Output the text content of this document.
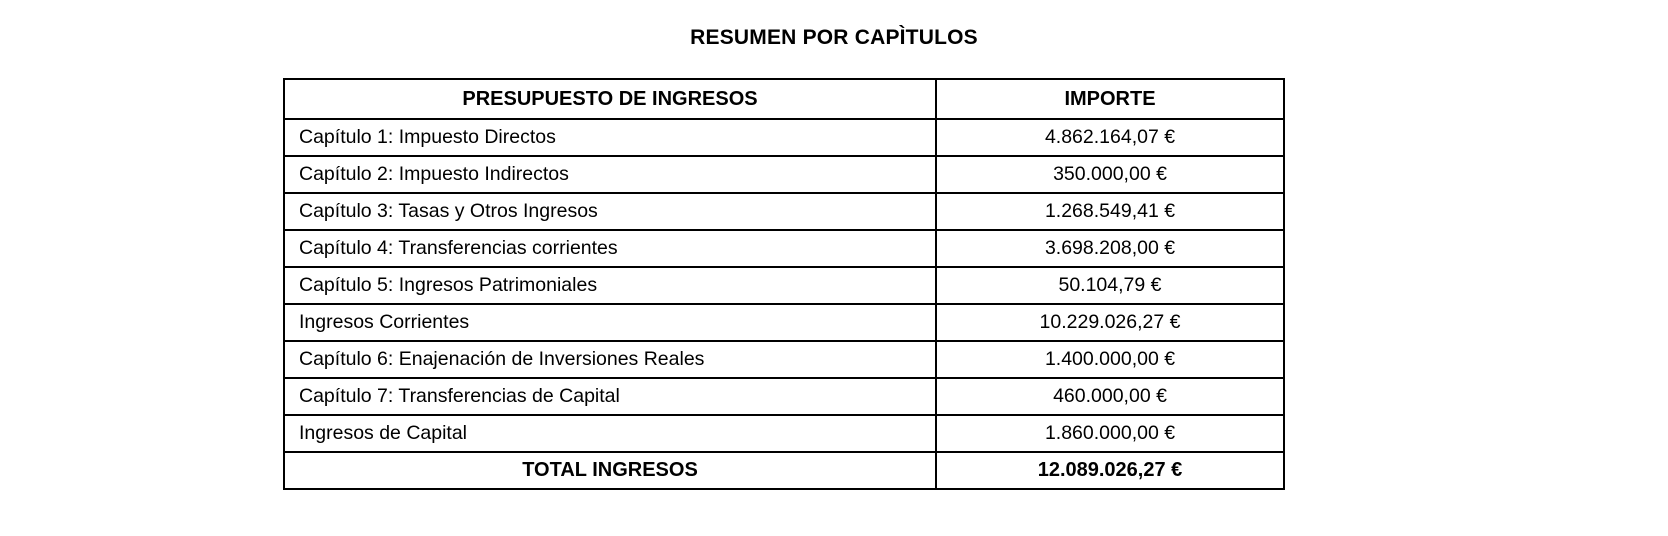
RESUMEN POR CAPÌTULOS
PRESUPUESTO DE INGRESOS	IMPORTE
Capítulo 1: Impuesto Directos	4.862.164,07 €
Capítulo 2: Impuesto Indirectos	350.000,00 €
Capítulo 3: Tasas y Otros Ingresos	1.268.549,41 €
Capítulo 4: Transferencias corrientes	3.698.208,00 €
Capítulo 5: Ingresos Patrimoniales	50.104,79 €
Ingresos Corrientes	10.229.026,27 €
Capítulo 6: Enajenación de Inversiones Reales	1.400.000,00 €
Capítulo 7: Transferencias de Capital	460.000,00 €
Ingresos de Capital	1.860.000,00 €
TOTAL INGRESOS	12.089.026,27 €
